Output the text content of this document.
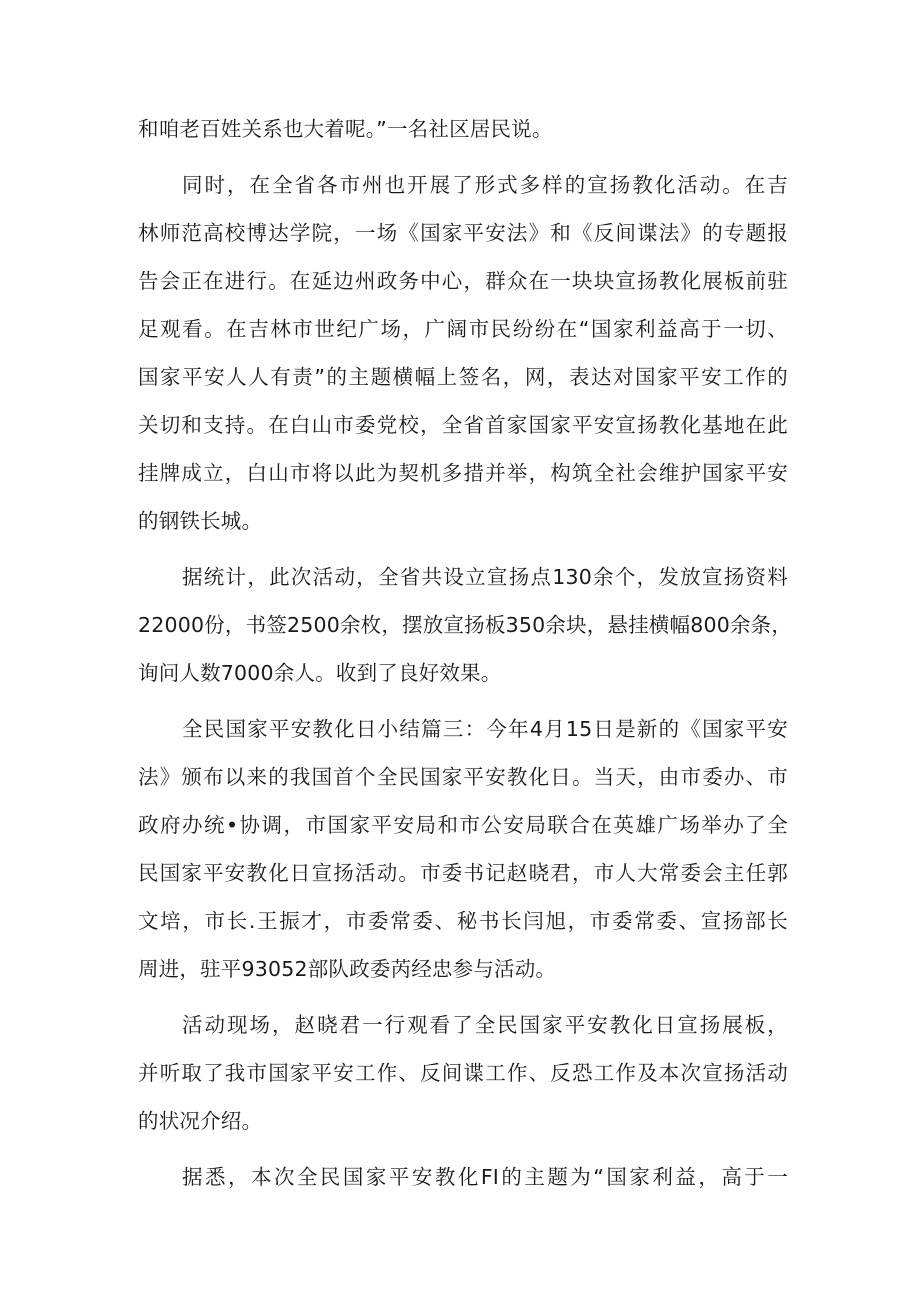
和咱老百姓关系也大着呢。”一名社区居民说。
同时，在全省各市州也开展了形式多样的宣扬教化活动。在吉
林师范高校博达学院，一场《国家平安法》和《反间谍法》的专题报
告会正在进行。在延边州政务中心，群众在一块块宣扬教化展板前驻
足观看。在吉林市世纪广场，广阔市民纷纷在“国家利益高于一切、
国家平安人人有责”的主题横幅上签名，网，表达对国家平安工作的
关切和支持。在白山市委党校，全省首家国家平安宣扬教化基地在此
挂牌成立，白山市将以此为契机多措并举，构筑全社会维护国家平安
的钢铁长城。
据统计，此次活动，全省共设立宣扬点130余个，发放宣扬资料
22000份，书签2500余枚，摆放宣扬板350余块，悬挂横幅800余条，
询问人数7000余人。收到了良好效果。
全民国家平安教化日小结篇三：今年4月15日是新的《国家平安
法》颁布以来的我国首个全民国家平安教化日。当天，由市委办、市
政府办统•协调，市国家平安局和市公安局联合在英雄广场举办了全
民国家平安教化日宣扬活动。市委书记赵晓君，市人大常委会主任郭
文培，市长.王振才，市委常委、秘书长闫旭，市委常委、宣扬部长
周进，驻平93052部队政委芮经忠参与活动。
活动现场，赵晓君一行观看了全民国家平安教化日宣扬展板，
并听取了我市国家平安工作、反间谍工作、反恐工作及本次宣扬活动
的状况介绍。
据悉，本次全民国家平安教化FI的主题为“国家利益，高于一
